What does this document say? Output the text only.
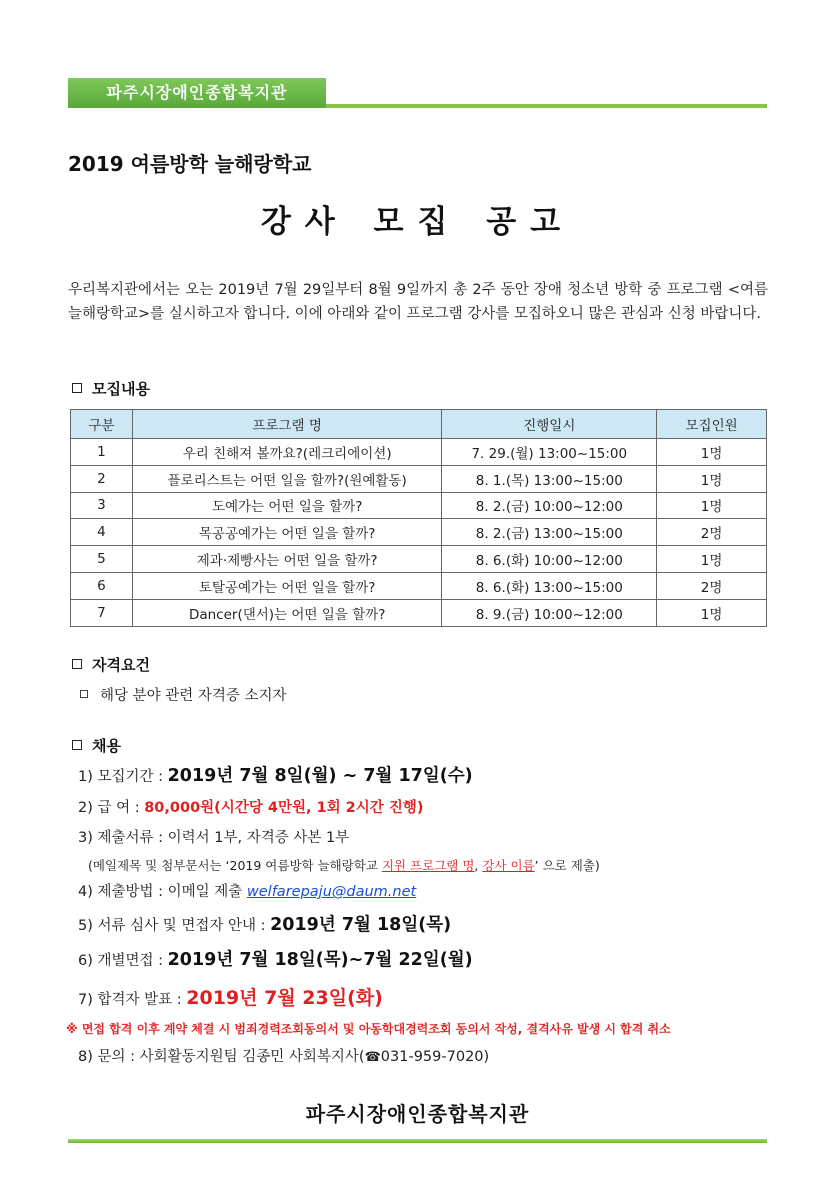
파주시장애인종합복지관
2019 여름방학 늘해랑학교
강사 모집 공고
우리복지관에서는 오는 2019년 7월 29일부터 8월 9일까지 총 2주 동안 장애 청소년 방학 중 프로그램 <여름 늘해랑학교>를 실시하고자 합니다. 이에 아래와 같이 프로그램 강사를 모집하오니 많은 관심과 신청 바랍니다.
모집내용
구분	프로그램 명	진행일시	모집인원
1	우리 친해져 볼까요?(레크리에이션)	7. 29.(월) 13:00~15:00	1명
2	플로리스트는 어떤 일을 할까?(원예활동)	8. 1.(목) 13:00~15:00	1명
3	도예가는 어떤 일을 할까?	8. 2.(금) 10:00~12:00	1명
4	목공공예가는 어떤 일을 할까?	8. 2.(금) 13:00~15:00	2명
5	제과·제빵사는 어떤 일을 할까?	8. 6.(화) 10:00~12:00	1명
6	토탈공예가는 어떤 일을 할까?	8. 6.(화) 13:00~15:00	2명
7	Dancer(댄서)는 어떤 일을 할까?	8. 9.(금) 10:00~12:00	1명
자격요건
해당 분야 관련 자격증 소지자
채용
1) 모집기간 : 2019년 7월 8일(월) ~ 7월 17일(수)
2) 급 여 : 80,000원(시간당 4만원, 1회 2시간 진행)
3) 제출서류 : 이력서 1부, 자격증 사본 1부
(메일제목 및 첨부문서는 ‘2019 여름방학 늘해랑학교 지원 프로그램 명, 강사 이름’ 으로 제출)
4) 제출방법 : 이메일 제출 welfarepaju@daum.net
5) 서류 심사 및 면접자 안내 : 2019년 7월 18일(목)
6) 개별면접 : 2019년 7월 18일(목)~7월 22일(월)
7) 합격자 발표 : 2019년 7월 23일(화)
※ 면접 합격 이후 계약 체결 시 범죄경력조회동의서 및 아동학대경력조회 동의서 작성, 결격사유 발생 시 합격 취소
8) 문의 : 사회활동지원팀 김종민 사회복지사(☎031-959-7020)
파주시장애인종합복지관
